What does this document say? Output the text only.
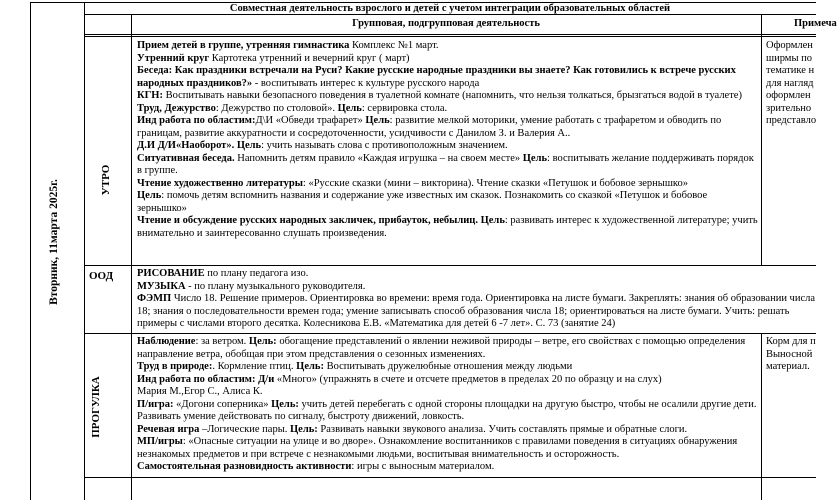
Совместная деятельность взрослого и детей с учетом интеграции образовательных областей
Групповая, подгрупповая деятельность	Примеча
Вторник, 11марта 2025г.	УТРО
ООД
ПРОГУЛКА

Прием детей в группе, утренняя гимнастика Комплекс №1 март.

Утренний круг Картотека утренний и вечерний круг ( март)

Беседа: Как праздники встречали на Руси? Какие русские народные праздники вы знаете? Как готовились к встрече русских народных праздников?» - воспитывать интерес к культуре русского народа

КГН: Воспитывать навыки безопасного поведения в туалетной комнате (напомнить, что нельзя толкаться, брызгаться водой в туалете)

Труд, Дежурство: Дежурство по столовой». Цель: сервировка стола.

Инд работа по областим:Д\И «Обведи трафарет» Цель: развитие мелкой моторики, умение работать с трафаретом и обводить по границам, развитие аккуратности и сосредоточенности, усидчивости с Данилом З. и Валерия А..

Д.И Д/И«Наоборот». Цель: учить называть слова с противоположным значением.

Ситуативная беседа. Напомнить детям правило «Каждая игрушка – на своем месте» Цель: воспитывать желание поддерживать порядок в группе.

Чтение художественно литературы: «Русские сказки (мини – викторина). Чтение сказки «Петушок и бобовое зернышко»

Цель: помочь детям вспомнить названия и содержание уже известных им сказок. Познакомить со сказкой «Петушок и бобовое зернышко»

Чтение и обсуждение русских народных закличек, прибауток, небылиц. Цель: развивать интерес к художественной литературе; учить внимательно и заинтересованно слушать произведения.

Оформлен
ширмы по
тематике н
для нагляд
оформлен
зрительно
представло

РИСОВАНИЕ по плану педагога изо.

МУЗЫКА - по плану музыкального руководителя.

ФЭМП Число 18. Решение примеров. Ориентировка во времени: время года. Ориентировка на листе бумаги. Закреплять: знания об образовании числа 18; знания о последовательности времен года; умение записывать способ образования числа 18; ориентироваться на листе бумаги. Учить: решать примеры с числами второго десятка. Колесникова Е.В. «Математика для детей 6 -7 лет». С. 73 (занятие 24)

Наблюдение: за ветром. Цель: обогащение представлений о явлении неживой природы – ветре, его свойствах с помощью определения направление ветра, обобщая при этом представления о сезонных изменениях.

Труд в природе:. Кормление птиц. Цель: Воспитывать дружелюбные отношения между людьми

Инд работа по областим: Д/и «Много» (упражнять в счете и отсчете предметов в пределах 20 по образцу и на слух)

Мария М.,Егор С., Алиса К.

П/игра: «Догони соперника» Цель: учить детей перебегать с одной стороны площадки на другую быстро, чтобы не осалили другие дети. Развивать умение действовать по сигналу, быстроту движений, ловкость.

Речевая игра –Логические пары. Цель: Развивать навыки звукового анализа. Учить составлять прямые и обратные слоги.

МП/игры: «Опасные ситуации на улице и во дворе». Ознакомление воспитанников с правилами поведения в ситуациях обнаружения незнакомых предметов и при встрече с незнакомыми людьми, воспитывая внимательность и осторожность.

Самостоятельная разновидность активности: игры с выносным материалом.

Корм для п
Выносной
материал.
